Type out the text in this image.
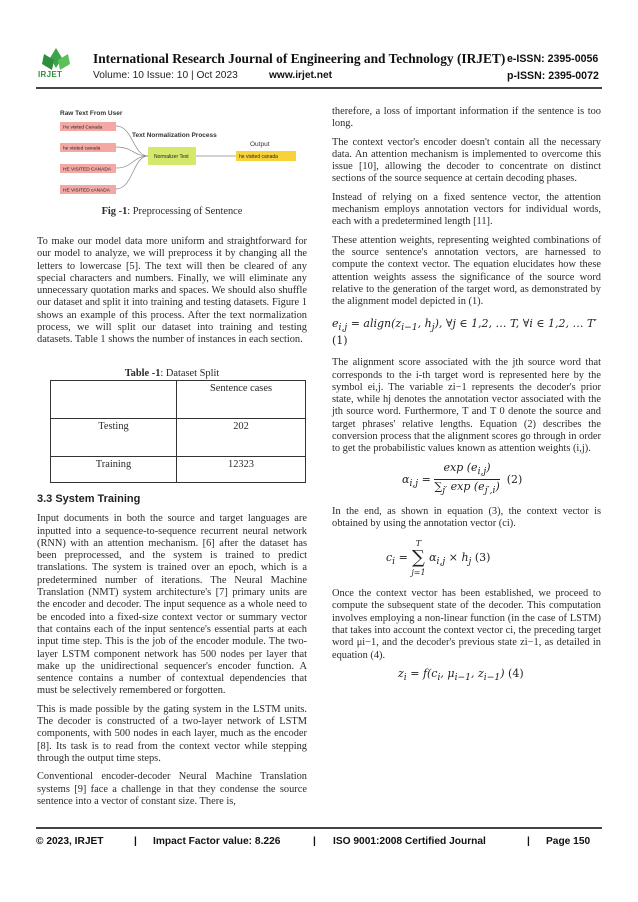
IRJET
International Research Journal of Engineering and Technology (IRJET) e-ISSN: 2395-0056
Volume: 10 Issue: 10 | Oct 2023	www.irjet.net	p-ISSN: 2395-0072
Raw Text From User
He visited Canada
he visited canada
HE VISITED CANADA
HE VISITED cANADA
Text Normalization Process
Normalizer Text
Output
he visited canada
Fig -1: Preprocessing of Sentence

To make our model data more uniform and straightforward for our model to analyze, we will preprocess it by changing all the letters to lowercase [5]. The text will then be cleared of any special characters and numbers. Finally, we will eliminate any unnecessary quotation marks and spaces. We should also shuffle our dataset and split it into training and testing datasets. Figure 1 shows an example of this process. After the text normalization process, we will split our dataset into training and testing datasets. Table 1 shows the number of instances in each section.

Table -1: Dataset Split
	Sentence cases
Testing	202
Training	12323
3.3 System Training

Input documents in both the source and target languages are inputted into a sequence-to-sequence recurrent neural network (RNN) with an attention mechanism. [6] after the dataset has been preprocessed, and the system is trained to predict translations. The system is trained over an epoch, which is a predetermined number of iterations. The Neural Machine Translation (NMT) system architecture's [7] primary units are the encoder and decoder. The input sequence as a whole need to be encoded into a fixed-size context vector or summary vector that contains each of the input sentence's essential parts at each input time step. This is the job of the encoder module. The two-layer LSTM component network has 500 nodes per layer that make up the unidirectional sequencer's encoder function. A sentence contains a number of contextual dependencies that must be selectively remembered or forgotten.

This is made possible by the gating system in the LSTM units. The decoder is constructed of a two-layer network of LSTM components, with 500 nodes in each layer, much as the encoder [8]. Its task is to read from the context vector while stepping through the output time steps.

Conventional encoder-decoder Neural Machine Translation systems [9] face a challenge in that they condense the source sentence into a vector of constant size. There is,

therefore, a loss of important information if the sentence is too long.

The context vector's encoder doesn't contain all the necessary data. An attention mechanism is implemented to overcome this issue [10], allowing the decoder to concentrate on distinct sections of the source sequence at certain decoding phases.

Instead of relying on a fixed sentence vector, the attention mechanism employs annotation vectors for individual words, each with a predetermined length [11].

These attention weights, representing weighted combinations of the source sentence's annotation vectors, are harnessed to compute the context vector. The equation elucidates how these attention weights assess the significance of the source word relative to the generation of the target word, as demonstrated by the alignment model depicted in (1).

$e_{i,j}$ = $align(z_{i-1}$, $h_j$), ∀j ∈ 1,2, … T, ∀i ∈ 1,2, … T′  (1)

The alignment score associated with the jth source word that corresponds to the i-th target word is represented here by the symbol ei,j. The variable zi−1 represents the decoder's prior state, while hj denotes the annotation vector associated with the jth source word. Furthermore, T and T 0 denote the source and target phrases' relative lengths. Equation (2) describes the conversion process that the alignment scores go through in order to get the probabilistic values known as attention weights (i,j).

$\alpha_{i,j} = \frac{\exp (e_{i,j})}{\sum_{j'} \exp (e_{j',i})} (2)$

In the end, as shown in equation (3), the context vector is obtained by using the annotation vector (ci).

$c_i$ =
T
∑
j=1
$\alpha_{i,j} \times h_j$ (3)

Once the context vector has been established, we proceed to compute the subsequent state of the decoder. This computation involves employing a non-linear function (in the case of LSTM) that takes into account the context vector ci, the preceding target word μi−1, and the decoder's previous state zi−1, as detailed in equation (4).

$z_i = f(c_i$, $\mu_{i-1}$, $z_{i-1}$) (4)
© 2023, IRJET	| Impact Factor value: 8.226	| ISO 9001:2008 Certified Journal	| Page 150
